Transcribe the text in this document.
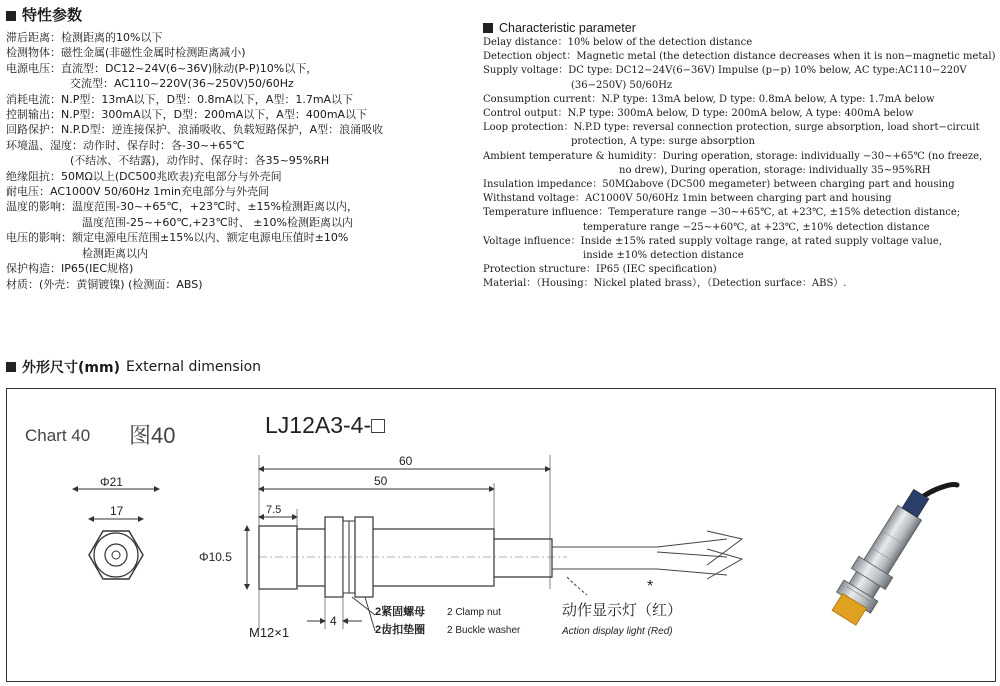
特性参数
滞后距离：检测距离的10%以下
检测物体：磁性金属(非磁性金属时检测距离减小)
电源电压：直流型：DC12~24V(6~36V)脉动(P-P)10%以下，
交流型：AC110~220V(36~250V)50/60Hz
消耗电流：N.P型：13mA以下，D型：0.8mA以下，A型：1.7mA以下
控制输出：N.P型：300mA以下，D型：200mA以下，A型：400mA以下
回路保护：N.P.D型：逆连接保护、浪涌吸收、负载短路保护，A型：浪涌吸收
环境温、湿度：动作时、保存时：各-30~+65℃
(不结冰、不结露)，动作时、保存时：各35~95%RH
绝缘阻抗：50MΩ以上(DC500兆欧表)充电部分与外壳间
耐电压：AC1000V 50/60Hz 1min充电部分与外壳间
温度的影响：温度范围-30~+65℃，+23℃时、±15%检测距离以内，
温度范围-25~+60℃,+23℃时、 ±10%检测距离以内
电压的影响：额定电源电压范围±15%以内、额定电源电压值时±10%
检测距离以内
保护构造：IP65(IEC规格)
材质：(外壳：黄铜镀镍) (检测面：ABS)
Characteristic parameter
Delay distance：10% below of the detection distance
Detection object：Magnetic metal (the detection distance decreases when it is non−magnetic metal)
Supply voltage：DC type: DC12−24V(6−36V) Impulse (p−p) 10% below, AC type:AC110−220V
(36−250V) 50/60Hz
Consumption current：N.P type: 13mA below, D type: 0.8mA below, A type: 1.7mA below
Control output：N.P type: 300mA below, D type: 200mA below, A type: 400mA below
Loop protection：N.P.D type: reversal connection protection, surge absorption, load short−circuit
protection, A type: surge absorption
Ambient temperature & humidity：During operation, storage: individually −30∼+65℃ (no freeze,
no drew), During operation, storage: individually 35∼95%RH
Insulation impedance：50MΩabove (DC500 megameter) between charging part and housing
Withstand voltage：AC1000V 50/60Hz 1min between charging part and housing
Temperature influence：Temperature range −30∼+65℃, at +23℃, ±15% detection distance;
temperature range −25∼+60℃, at +23℃, ±10% detection distance
Voltage influence：Inside ±15% rated supply voltage range, at rated supply voltage value,
inside ±10% detection distance
Protection structure：IP65 (IEC specification)
Material：（Housing：Nickel plated brass），（Detection surface：ABS）.
外形尺寸(mm) External dimension
Chart 40 图40	LJ12A3-4-□
Φ21
17
60
50
7.5
Φ10.5
4
M12×1
2紧固螺母 2 Clamp nut
2齿扣垫圈 2 Buckle washer
*
动作显示灯（红）
Action display light (Red)
